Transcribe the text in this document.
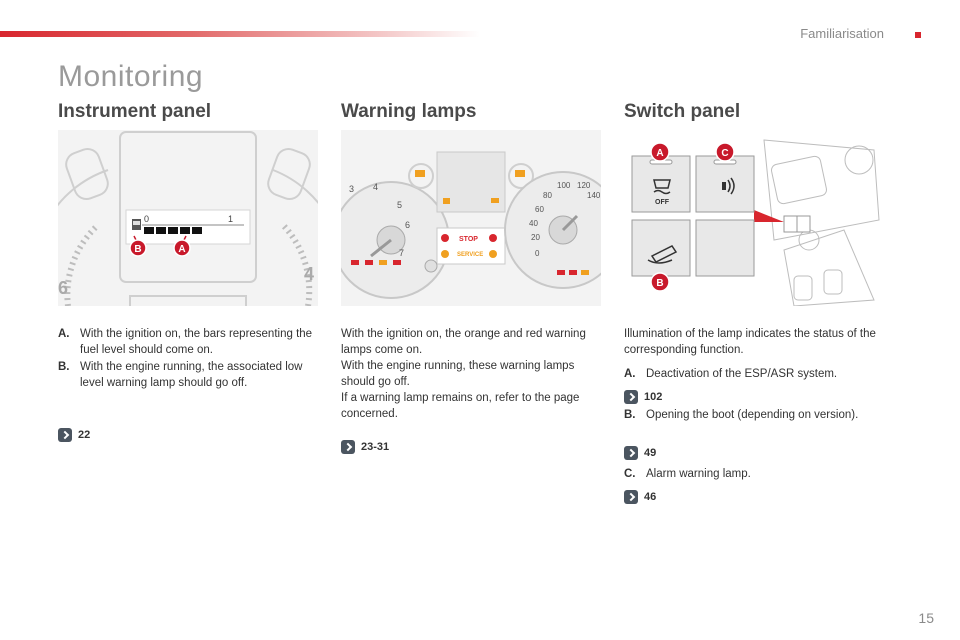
Familiarisation
Monitoring
Instrument panel	Warning lamps	Switch panel
0	1
6
4
B	A
3 4
5
6
7
STOP
SERVICE
100 120
80
60
40
20
0
140
OFF
A	C
B
A. With the ignition on, the bars representing the fuel level should come on.
B. With the engine running, the associated low level warning lamp should go off.
22
With the ignition on, the orange and red warning lamps come on.
With the engine running, these warning lamps should go off.
If a warning lamp remains on, refer to the page concerned.
23-31
Illumination of the lamp indicates the status of the corresponding function.
A. Deactivation of the ESP/ASR system.
102
B. Opening the boot (depending on version).
49
C. Alarm warning lamp.
46
15
